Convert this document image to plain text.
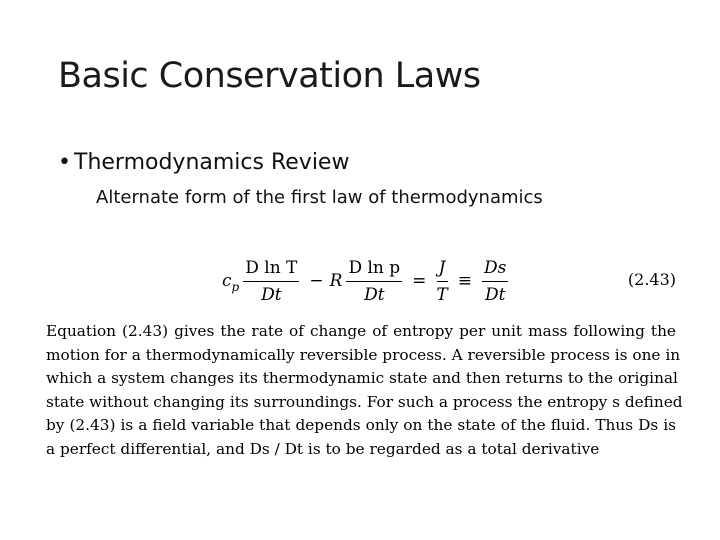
Basic Conservation Laws
• Thermodynamics Review
Alternate form of the first law of thermodynamics
$c_p \frac{\text{D ln T}}{Dt} - R \frac{\text{D ln p}}{Dt} = \frac{J}{T} \equiv \frac{Ds}{Dt}$	(2.43)
Equation (2.43) gives the rate of change of entropy per unit mass following the
motion for a thermodynamically reversible process. A reversible process is one in
which a system changes its thermodynamic state and then returns to the original
state without changing its surroundings. For such a process the entropy s defined
by (2.43) is a field variable that depends only on the state of the fluid. Thus Ds is
a perfect differential, and Ds / Dt is to be regarded as a total derivative
